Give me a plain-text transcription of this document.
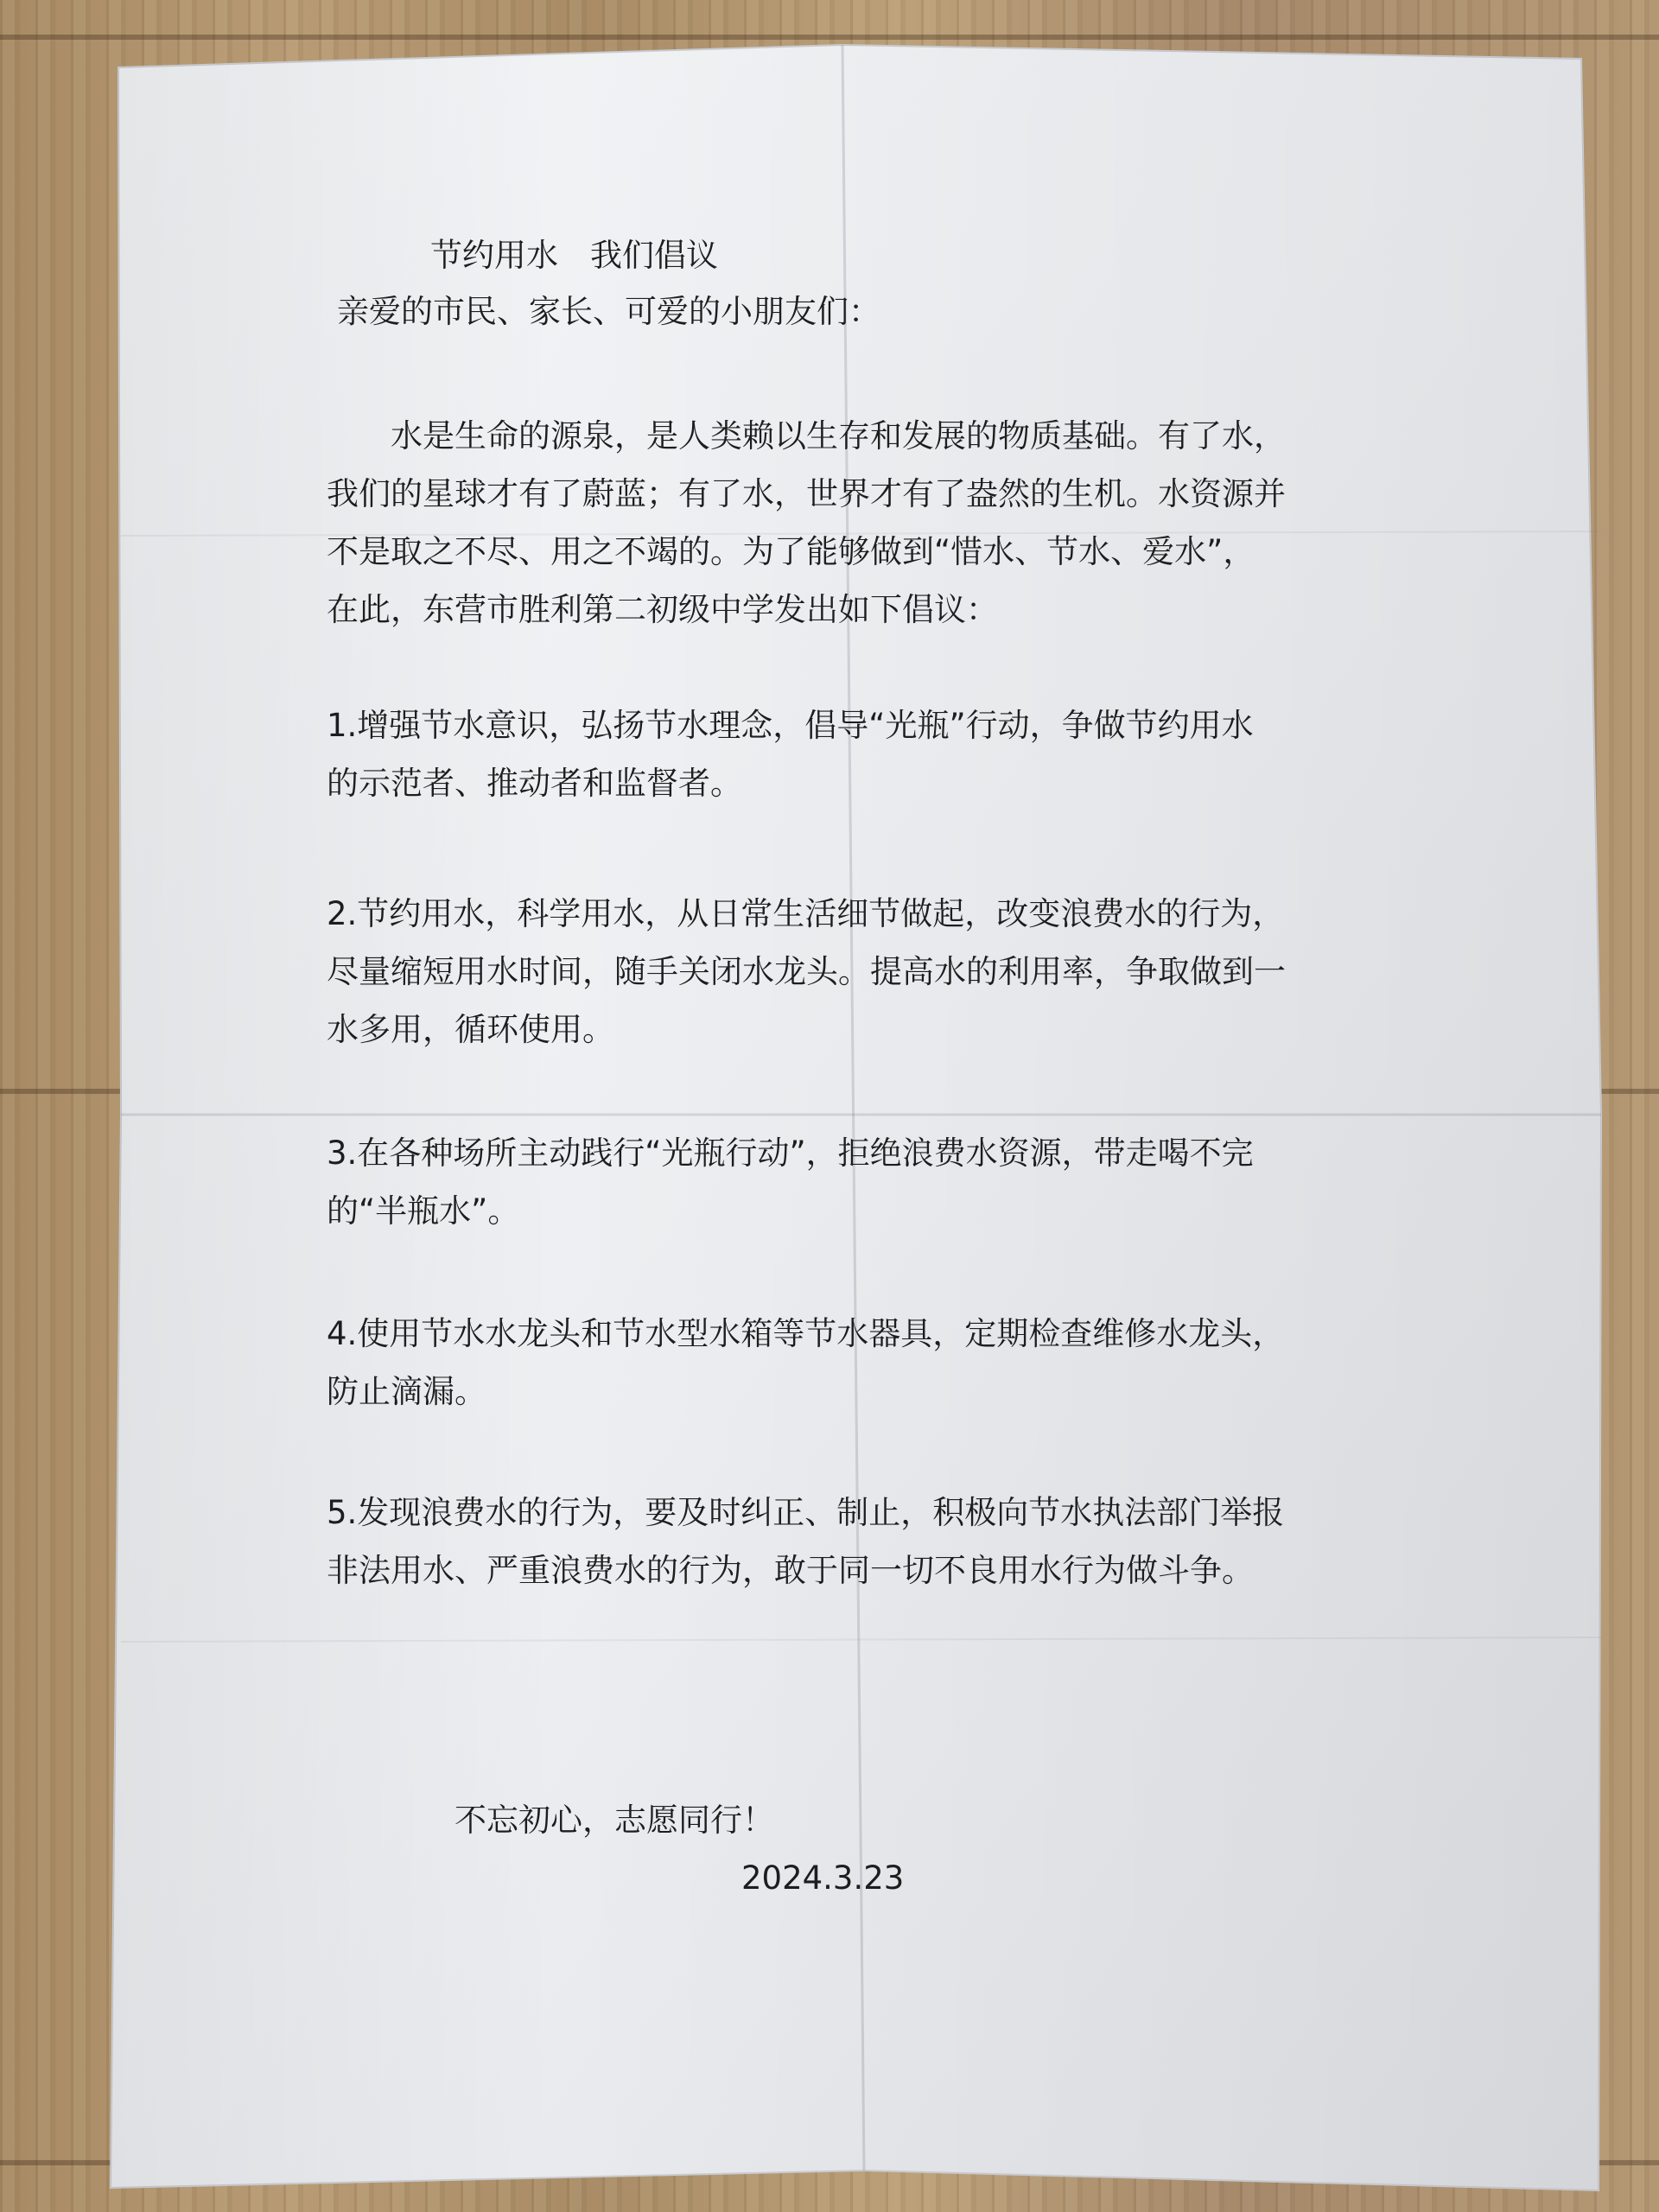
节约用水　我们倡议
亲爱的市民、家长、可爱的小朋友们：
　　水是生命的源泉，是人类赖以生存和发展的物质基础。有了水，
我们的星球才有了蔚蓝；有了水，世界才有了盎然的生机。水资源并
不是取之不尽、用之不竭的。为了能够做到“惜水、节水、爱水”，
在此，东营市胜利第二初级中学发出如下倡议：
1.增强节水意识，弘扬节水理念，倡导“光瓶”行动，争做节约用水
的示范者、推动者和监督者。
2.节约用水，科学用水，从日常生活细节做起，改变浪费水的行为，
尽量缩短用水时间，随手关闭水龙头。提高水的利用率，争取做到一
水多用，循环使用。
3.在各种场所主动践行“光瓶行动”，拒绝浪费水资源，带走喝不完
的“半瓶水”。
4.使用节水水龙头和节水型水箱等节水器具，定期检查维修水龙头，
防止滴漏。
5.发现浪费水的行为，要及时纠正、制止，积极向节水执法部门举报
非法用水、严重浪费水的行为，敢于同一切不良用水行为做斗争。
不忘初心，志愿同行！
2024.3.23
